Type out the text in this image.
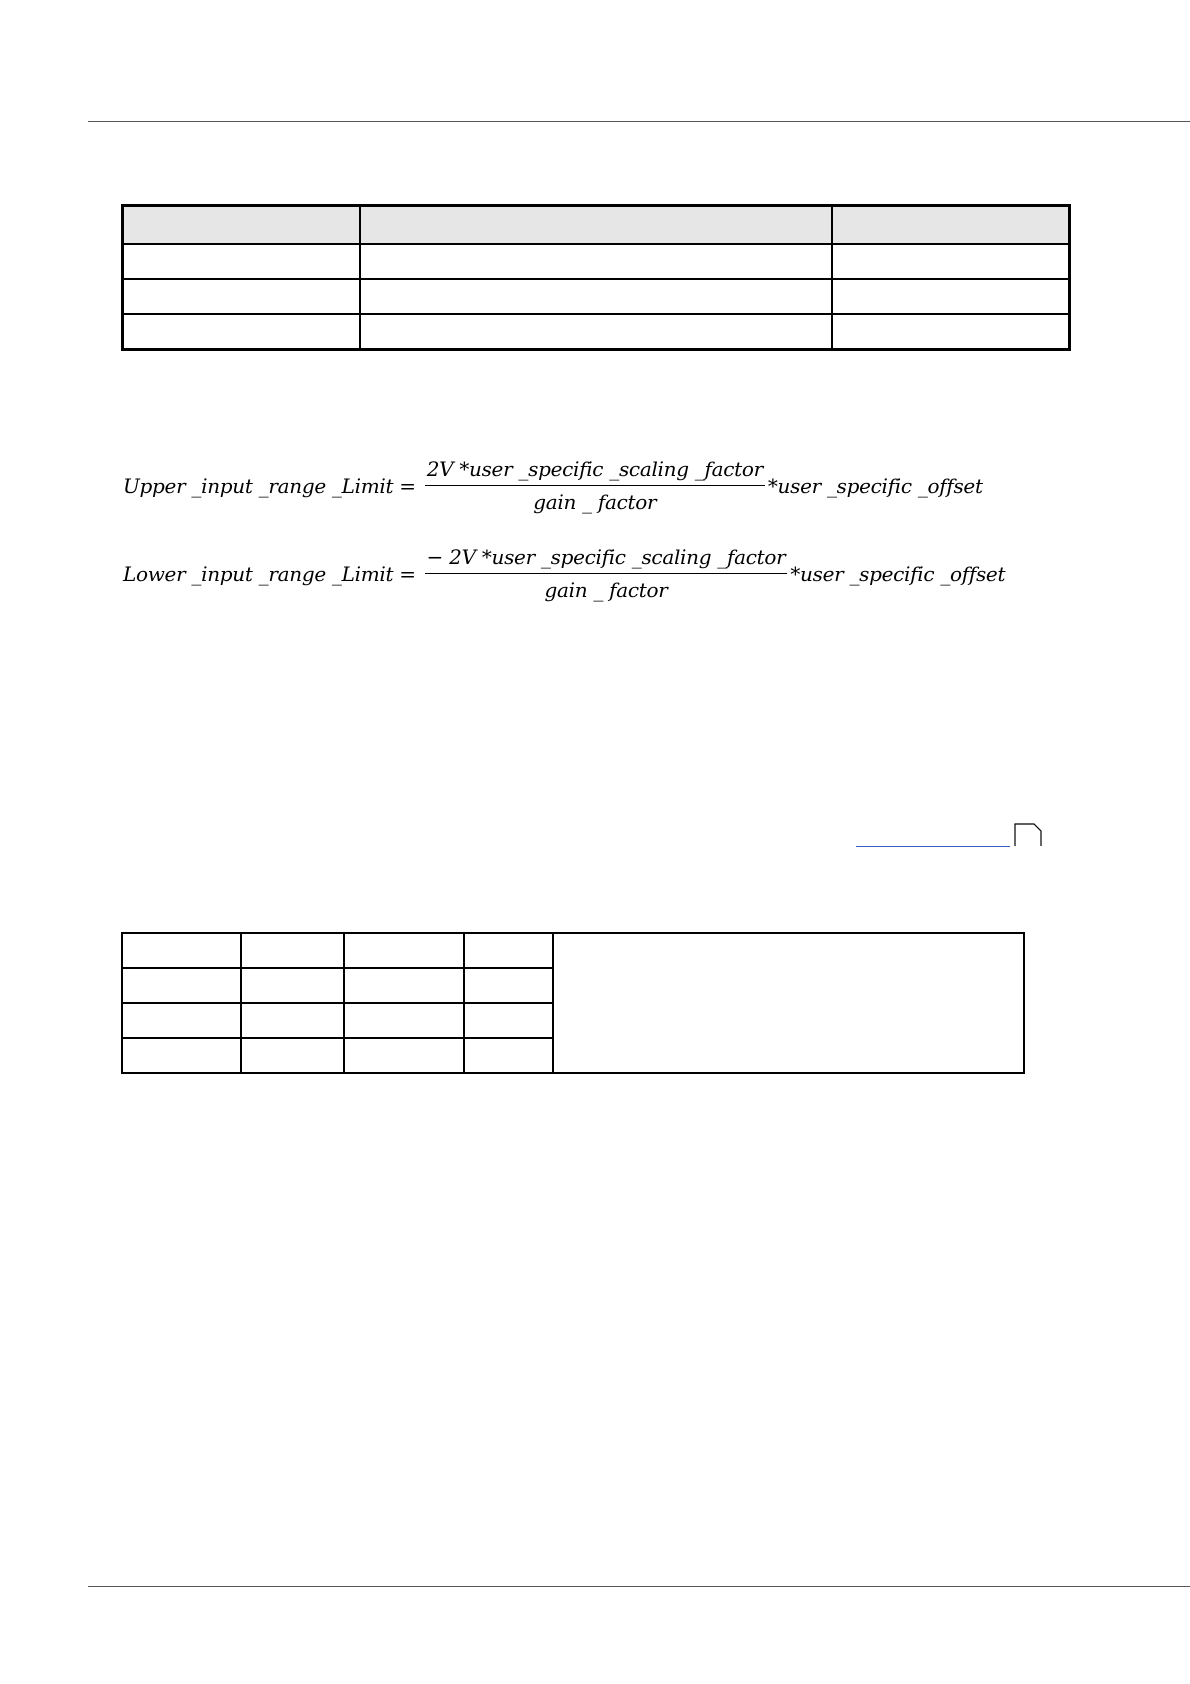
Upper _input _range _Limit = $\frac{\text{2V *user \_specific \_scaling \_factor}}{\text{gain \_ factor}}$ *user _specific _offset
Lower _input _range _Limit = $\frac{\text{− 2V *user \_specific \_scaling \_factor}}{\text{gain \_ factor}}$ *user _specific _offset
